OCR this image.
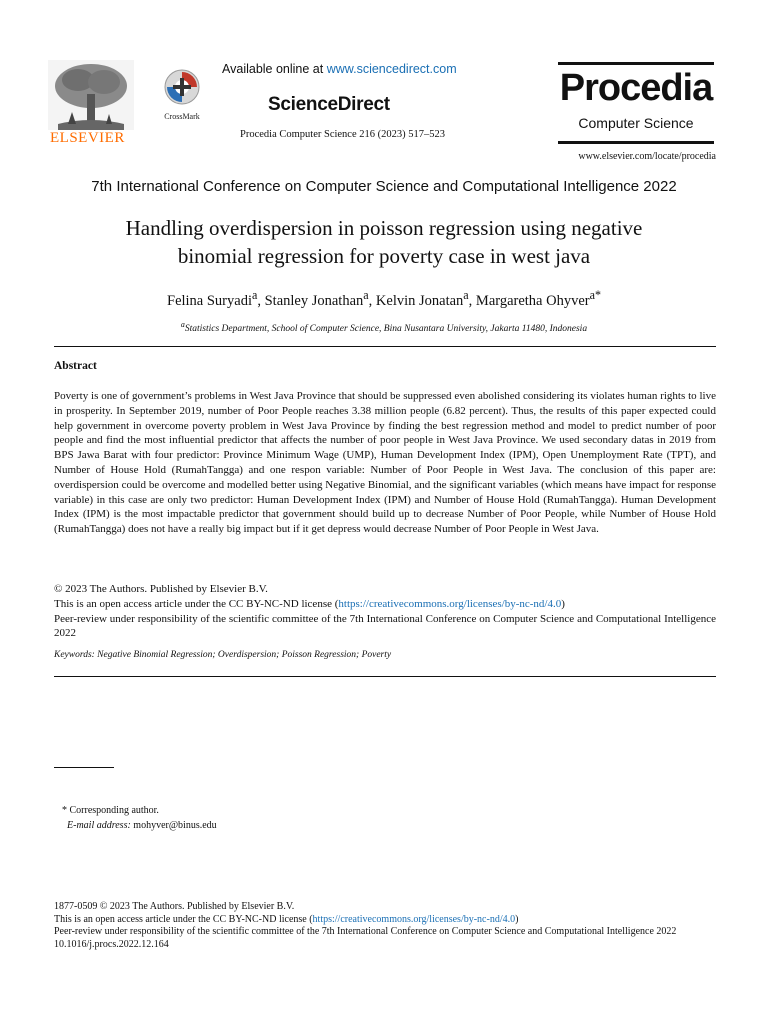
ELSEVIER
CrossMark
Available online at www.sciencedirect.com
ScienceDirect
Procedia Computer Science 216 (2023) 517–523
Procedia
Computer Science
www.elsevier.com/locate/procedia
7th International Conference on Computer Science and Computational Intelligence 2022
Handling overdispersion in poisson regression using negative
binomial regression for poverty case in west java
Felina Suryadi$^a$, Stanley Jonathan$^a$, Kelvin Jonatan$^a$, Margaretha Ohyver$^{a*}$
$^a$Statistics Department, School of Computer Science, Bina Nusantara University, Jakarta 11480, Indonesia
Abstract
Poverty is one of government’s problems in West Java Province that should be suppressed even abolished considering its violates human rights to live in prosperity. In September 2019, number of Poor People reaches 3.38 million people (6.82 percent). Thus, the results of this paper expected could help government in overcome poverty problem in West Java Province by finding the best regression method and model to predict number of poor people and find the most influential predictor that affects the number of poor people in West Java Province. We used secondary datas in 2019 from BPS Jawa Barat with four predictor: Province Minimum Wage (UMP), Human Development Index (IPM), Open Unemployment Rate (TPT), and Number of House Hold (RumahTangga) and one respon variable: Number of Poor People in West Java. The conclusion of this paper are: overdispersion could be overcome and modelled better using Negative Binomial, and the significant variables (which means have impact for response variable) in this case are only two predictor: Human Development Index (IPM) and Number of House Hold (RumahTangga). Human Development Index (IPM) is the most impactable predictor that government should build up to decrease Number of Poor People, while Number of House Hold (RumahTangga) does not have a really big impact but if it get depress would decrease Number of Poor People in West Java.
© 2023 The Authors. Published by Elsevier B.V.
This is an open access article under the CC BY-NC-ND license (https://creativecommons.org/licenses/by-nc-nd/4.0)
Peer-review under responsibility of the scientific committee of the 7th International Conference on Computer Science and Computational Intelligence 2022
Keywords: Negative Binomial Regression; Overdispersion; Poisson Regression; Poverty
* Corresponding author.
E-mail address: mohyver@binus.edu
1877-0509 © 2023 The Authors. Published by Elsevier B.V.
This is an open access article under the CC BY-NC-ND license (https://creativecommons.org/licenses/by-nc-nd/4.0)
Peer-review under responsibility of the scientific committee of the 7th International Conference on Computer Science and Computational Intelligence 2022
10.1016/j.procs.2022.12.164
